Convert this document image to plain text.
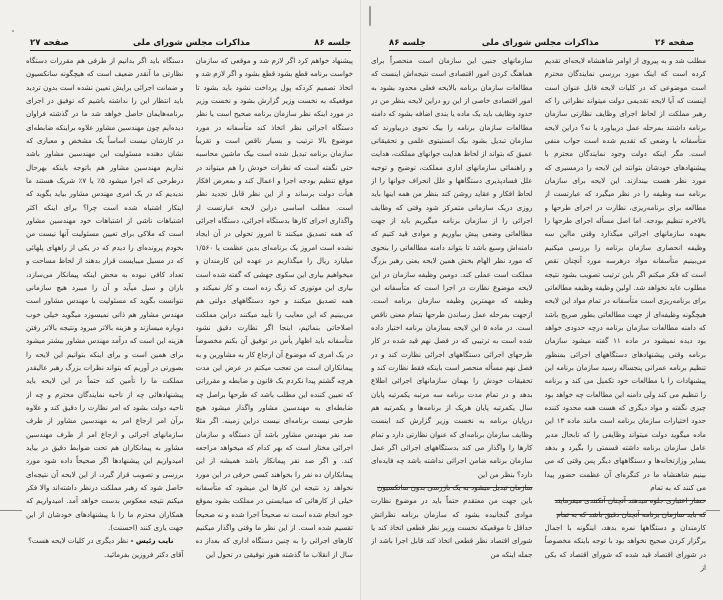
جلسه ۸۶
مذاکرات مجلس شورای ملی
صفحه ۲۷

پیشنهاد خواهم کرد اگر لازم شد و موقعی که سازمان خواست برنامه قطع بشود قطع بشود و اگر لازم شد و اتخاذ تصمیم کردکه پول پرداخت نشود باید بشود تا موقعیکه به نخست وزیر گزارش بشود و نخست وزیر در مورد اینکه نظر سازمان برنامه صحیح است یا نظر دستگاه اجرائی نظر اتخاذ کند متأسفانه در مورد موضوع بالا ترتیب و بسیار ناقص است و تقریباً سازمان برنامه تبدیل شده است بیک ماشین محاسبه حتی نگفته است که نظرات خودش را هم میتواند در موقع تنظیم بودجه اجرا و اعمال کند و بمعرض افکار هیأت دولت برساند و از این نظر قابل تجدید نظر است. مطلب اساسی دراین لایحه عبارتست از واگذاری اجرای کارها بدستگاه اجرائی، دستگاه اجرائی که همه تصدیق میکنند تا امروز تحولی در آن ایجاد نشده است امروز یک برنامه‌ای بدین عظمت یا ۱/۵۶۰ میلیارد ریال را میگذاریم در عهده این کارمندان و میخواهیم بیاری این سکوی جهشی که گفته شده است بیاری این موتوری که زنگ زده است و کار نمیکند و همه تصدیق میکنند و خود دستگاههای دولتی هم می‌بینیم که این معایب را تأیید میکنند دراین مملکت اصلاحاتی بنمائیم، اینجا اگر نظارت دقیق نشود متأسفانه باید اظهار یأس در توفیق آن بکنم مخصوصاً در یک امری که موضوع آن ارجاع کار به مشاورین و به پیمانکاران است من تعجب میکنم در عرض این مدت هرچه گشتم پیدا نکردم یک قانون و ضابطه و مقرراتی که تعیین کننده این مطلب باشد که طرحها براصل چه ضابطه‌ای به مهندسین مشاور واگذار میشود هیچ طرحی نیست برنامه‌ای نیست دراین زمینه. اگر مثلا صد نفر مهندس مشاور باشد آن دستگاه و سازمان اجرائی مختار است که بهر کدام که میخواهد مراجعه کند. و اگر صد نفر پیمانکار باشد همیشه از این پیمانکاران ده نفر را بخواهند کسی حرفی در این مورد نخواهد زد نتیجه این کارها این میشود که متأسفانه خیلی از کارهائی که میبایستی در مملکت بشود بموقع خود انجام شده است نه صحیحاً اجرا شده و نه صحیحاً تقسیم شده است. از این نظر ما وقتی واگذار میکنیم کارهای اجرائی را به چنین دستگاه اداری که بعداز ده سال از انقلاب ما گذشته هنوز توفیقی در تحول این

دستگاه باید اگر بدانیم از طرفی هم مقررات دستگاه نظارتی ما آنقدر ضعیف است که هیچگونه سانکسیون و ضمانت اجرائی برایش تعیین نشده است بدون تردید باید انتظار این را نداشته باشیم که توفیق در اجرای برنامه‌هایمان حاصل خواهد شد ما در گذشته فراوان دیده‌ایم چون مهندسین مشاور علاوه براینکه ضابطه‌ای در کارشان نیست اساساً یک مشخص و معیاری که نشان دهنده مسئولیت این مهندسین مشاور باشد نداریم مهندسین مشاور هم باتوجه باینکه بهرحال درطرحی که اجرا میشود ۵٪ یا ۷٪ شریک هستند ما ندیدیم که در یک امری مهندس مشاور بیاید بگوید که اینکار اشتباه شده است چرا؟ برای اینکه اکثر اشتباهات ناشی از اشتباهات خود مهندسین مشاور است که ملاکی برای تعیین مسئولیت آنها نیست من بخودم پرونده‌ای را دیدم که در یکی از راههای پلهائی که در مسیل میبایست قرار بدهند از لحاظ مساحت و تعداد کافی نبوده به محض اینکه پیمانکار می‌سازد، باران و سیل میآید و آن را میبرد هیچ سازمانی نتوانست بگوید که مسئولیت با مهندس مشاور است مهندس مشاور هم ذاتی نمیسوزد میگوید خیلی خوب دوباره میسازند و هزینه بالاتر میرود ونتیجه بالاتر رفتن هزینه این است که درآمد مهندس مشاور بیشتر میشود برای همین است و برای اینکه بتوانیم این لایحه را بصورتی در آوریم که بتواند نظرات بزرگ رهبر عالیقدر مملکت ما را تأمین کند حتماً در این لایحه باید پیشنهادهائی چه از ناحیه نمایندگان محترم و چه از ناحیه دولت بشود که امر نظارت را دقیق کند و علاوه برآن امر ارجاع امر به مهندسین مشاور از طرف سازمانهای اجرائی و ارجاع امر از طرف مهندسین مشاور به پیمانکاران هم تحت ضوابط دقیق در بیاید امیدواریم این پیشنهادها اگر صحیحاً داده شود مورد بررسی و تصویب قرار گیرد، از این لایحه آن نتیجه‌ای حاصل شود که رهبر مملکت درنظر داشته‌اند والا فکر میکنم نتیجه معکوس بدست خواهد آمد. امیدواریم که همکاران محترم ما را با پیشنهادهای خودشان از این جهت یاری کنند (احسنت).

نایب رئیس - نظر دیگری در کلیات لایحه هست؟

آقای دکتر فروزین بفرمائید.

صفحه ۲۶
مذاکرات مجلس شورای ملی
جلسه ۸۶

مطلب شد و به پیروی از اوامر شاهنشاه لایحه‌ای تقدیم کرده است که اینک مورد بررسی نمایندگان محترم است موضوعی که در کلیات لایحه قابل عنوان است اینست که آیا لایحه تقدیمی دولت میتواند نظراتی را که رهبر مملکت از لحاظ اجرای وظایف نظارتی سازمان برنامه داشتند بمرحله عمل دربیاورد یا نه؟ دراین لایحه متأسفانه با وضعی که تقدیم شده است جواب منفی است. مگر اینکه دولت وجود نمایندگان محترم با پیشنهادهای خودشان بتوانند این لایحه را درمسیری که مورد نظر هست بیندازند. این لایحه برای سازمان برنامه سه وظیفه را در نظر میگیرد که عبارتست از مطالعه برای برنامه‌ریزی، نظارت در اجرای طرحها و بالاخره تنظیم بودجه. اما اصل مسأله اجرای طرحها را بعهده سازمانهای اجرائی میگذارد وقتی مااین سه وظیفه انحصاری سازمان برنامه را بررسی میکنیم می‌بینیم متأسفانه مواد درهرسه مورد آنچنان نقص است که فکر میکنم اگر باین ترتیب تصویب بشود نتیجه مطلوب عاید نخواهد شد. اولین وظیفه وظیفه مطالعاتی برای برنامه‌ریزی است متأسفانه در تمام مواد این لایحه هیچگونه وظیفه‌ای از جهت مطالعاتی بطور صریح باشد که دامنه مطالعات سازمان برنامه درچه حدودی خواهد بود دیده نمیشود در ماده ۱۱ گفته میشود سازمان برنامه وقتی پیشنهادهای دستگاههای اجرائی بمنظور تنظیم برنامه عمرانی پنجساله رسید سازمان برنامه این پیشنهادات را با مطالعات خود تکمیل می کند و برنامه را تنظیم می کند ولی دامنه این مطالعات چه خواهد بود چیزی نگفته و مواد دیگری که هست همه محدود کننده حدود اختیارات سازمان برنامه است مانند ماده ۱۳ این ماده میگوید دولت میتواند وظایفی را که تابحال مدیر عامل سازمان برنامه داشته قسمتی را بگیرد و بدهد بسایر وزارتخانه‌ها و دستگاههای دیگر پس وقتی که می بینیم شاهنشاه ما در کنگره‌ای آن عظمت حضور پیدا می کنند که به تمام

حضار اعتباری جلوه میدهند آنچنان آنکنندی میفرمایند

که باید سازمان برنامه آنچنان دقیق باشد که به تمام

کارمندان و دستگاهها نمره بدهد، اینگونه با اجمال برگزار کردن صحیح نخواهد بود با توجه باینکه مخصوصاً در شورای اقتصاد قید شده که شورای اقتصاد که یکی از

سازمانهای جنبی این سازمان است منحصراً برای هماهنگ کردن امور اقتصادی است نتیجه‌اش اینست که مطالعات سازمان برنامه بالایحه فعلی محدود بشود به امور اقتصادی خاصی از این رو دراین لایحه بنظر من در حدود وظایف باید یک ماده یا بندی اضافه بشود که دامنه مطالعات سازمان برنامه را بیک نحوی دربیاورند که سازمان تبدیل بشود بیک انستیتوی علمی و تحقیقاتی عمیق که بتواند از لحاظ هدایت جوانهای مملکت، هدایت و راهنمائی سازمانهای اداری مملکت، توضیح و توجیه علل فسادپذیری دستگاهها و علل انحراف جوانها را از لحاظ افکار و عقاید روشن کند بنظر من همه اینها باید روزی دریک سازمانی متمرکز شود وقتی که وظایف اجرائی را از سازمان برنامه میگیریم باید از جهت مطالعاتی وضعی پیش بیاوریم و موادی قید کنیم که دامنه‌اش وسیع باشد تا بتواند دامنه مطالعاتی را بنحوی که مورد نظر الهام بخش همین لایحه یعنی رهبر بزرگ مملکت است عملی کند. دومین وظیفه سازمان در این لایحه موضوع نظارت در اجرا است که متأسفانه این وظیفه که مهمترین وظیفه سازمان برنامه است. ازجهت بمرحله عمل رساندن طرحها بتمام معنی ناقص است. در ماده ۵ این لایحه بسازمان برنامه اختیار داده شده است به ترتیبی که در فصل نهم قید شده در کار طرحهای اجرائی دستگاههای اجرائی نظارت کند و در فصل نهم مسأله منحصر است باینکه فقط نظارت کند و تحقیقات خودش را بهمان سازمانهای اجرائی اطلاع بدهد و در تمام مدت برنامه سه مرتبه یکمرتبه پایان سال یکمرتبه پایان هریک از برنامه‌ها و یکمرتبه هم درپایان برنامه به نخست وزیر گزارش کند اینست وظایف سازمان برنامه‌ای که عنوان نظارتی دارد و تمام کارها را واگذار می کند بدستگاههای اجرائی اگر عمل سازمان برنامه ضامن اجرائی نداشته باشد چه فایده‌ای دارد؟ بنظر من این

سازمان تبدیل میشود به یک بازرسی بدون سانکسیون

باین جهت من معتقدم حتماً باید در موضوع نظارت موادی گنجانیده بشود که سازمان برنامه نظراتش حداقل تا موقعیکه نخست وزیر نظر قطعی اتخاذ کند یا شورای اقتصاد نظر قطعی اتخاذ کند قابل اجرا باشد از جمله اینکه من
